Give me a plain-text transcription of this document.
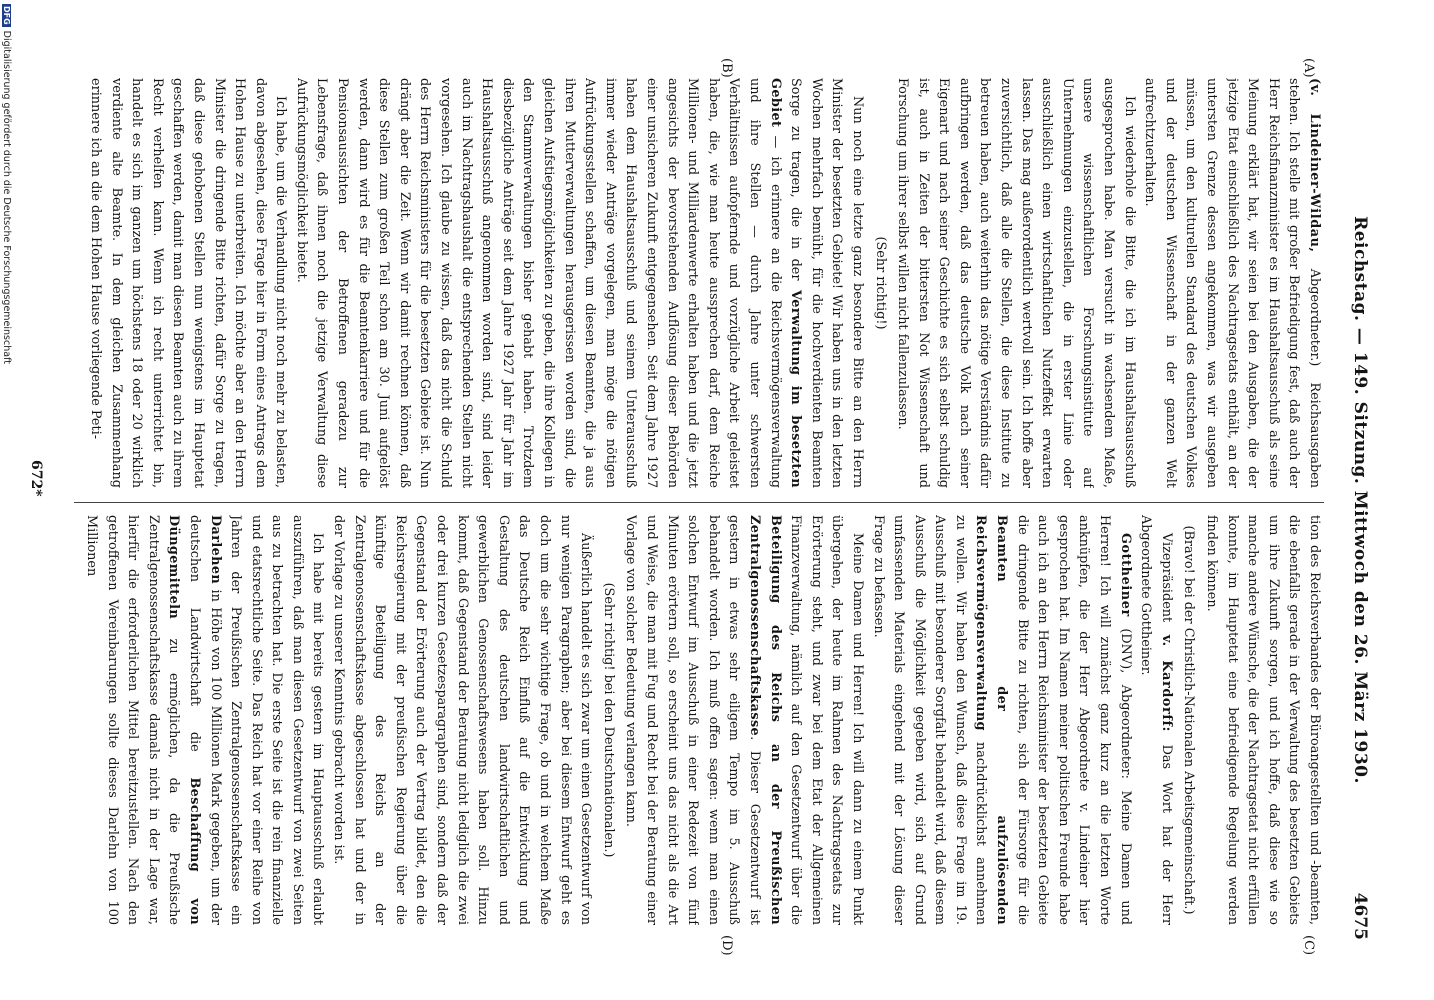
Reichstag. — 149. Sitzung. Mittwoch den 26. März 1930.
4675
(A)
(B)
(C)
(D)

(v. Lindeiner-Wildau, Abgeordneter.) Reichsausgaben stehen. Ich stelle mit großer Befriedigung fest, daß auch der Herr Reichsfinanzminister es im Haushaltsausschuß als seine Meinung erklärt hat, wir seien bei den Ausgaben, die der jetzige Etat einschließlich des Nachtragsetats enthält, an der untersten Grenze dessen angekommen, was wir ausgeben müssen, um den kulturellen Standard des deutschen Volkes und der deutschen Wissenschaft in der ganzen Welt aufrechtzuerhalten.

Ich wiederhole die Bitte, die ich im Haushaltsausschuß ausgesprochen habe. Man versucht in wachsendem Maße, unsere wissenschaftlichen Forschungsinstitute auf Unternehmungen einzustellen, die in erster Linie oder ausschließlich einen wirtschaftlichen Nutzeffekt erwarten lassen. Das mag außerordentlich wertvoll sein. Ich hoffe aber zuversichtlich, daß alle die Stellen, die diese Institute zu betreuen haben, auch weiterhin das nötige Verständnis dafür aufbringen werden, daß das deutsche Volk nach seiner Eigenart und nach seiner Geschichte es sich selbst schuldig ist, auch in Zeiten der bittersten Not Wissenschaft und Forschung um ihrer selbst willen nicht fallenzulassen.

(Sehr richtig!)

Nun noch eine letzte ganz besondere Bitte an den Herrn Minister der besetzten Gebiete! Wir haben uns in den letzten Wochen mehrfach bemüht, für die hochverdienten Beamten Sorge zu tragen, die in der Verwaltung im besetzten Gebiet — ich erinnere an die Reichsvermögensverwaltung und ihre Stellen — durch Jahre unter schwersten Verhältnissen aufopfernde und vorzügliche Arbeit geleistet haben, die, wie man heute aussprechen darf, dem Reiche Millionen- und Milliardenwerte erhalten haben und die jetzt angesichts der bevorstehenden Auflösung dieser Behörden einer unsicheren Zukunft entgegensehen. Seit dem Jahre 1927 haben dem Haushaltsausschuß und seinem Unterausschuß immer wieder Anträge vorgelegen, man möge die nötigen Aufrückungsstellen schaffen, um diesen Beamten, die ja aus ihren Mutterverwaltungen herausgerissen worden sind, die gleichen Aufstiegsmöglichkeiten zu geben, die ihre Kollegen in den Stammverwaltungen bisher gehabt haben. Trotzdem diesbezügliche Anträge seit dem Jahre 1927 Jahr für Jahr im Haushaltsausschuß angenommen worden sind, sind leider auch im Nachtragshaushalt die entsprechenden Stellen nicht vorgesehen. Ich glaube zu wissen, daß das nicht die Schuld des Herrn Reichsministers für die besetzten Gebiete ist. Nun drängt aber die Zeit. Wenn wir damit rechnen können, daß diese Stellen zum großen Teil schon am 30. Juni aufgelöst werden, dann wird es für die Beamtenkarriere und für die Pensionsaussichten der Betroffenen geradezu zur Lebensfrage, daß ihnen noch die jetzige Verwaltung diese Aufrückungsmöglichkeit bietet.

Ich habe, um die Verhandlung nicht noch mehr zu belasten, davon abgesehen, diese Frage hier in Form eines Antrags dem Hohen Hause zu unterbreiten. Ich möchte aber an den Herrn Minister die dringende Bitte richten, dafür Sorge zu tragen, daß diese gehobenen Stellen nun wenigstens im Hauptetat geschaffen werden, damit man diesen Beamten auch zu ihrem Recht verhelfen kann. Wenn ich recht unterrichtet bin, handelt es sich im ganzen um höchstens 18 oder 20 wirklich verdiente alte Beamte. In dem gleichen Zusammenhang erinnere ich an die dem Hohen Hause vorliegende Peti-

tion des Reichsverbandes der Büroangestellten und -beamten, die ebenfalls gerade in der Verwaltung des besetzten Gebiets um ihre Zukunft sorgen, und ich hoffe, daß diese wie so manche andere Wünsche, die der Nachtragsetat nicht erfüllen konnte, im Hauptetat eine befriedigende Regelung werden finden können.

(Bravo! bei der Christlich-Nationalen Arbeitsgemeinschaft.)

Vizepräsident v. Kardorff: Das Wort hat der Herr Abgeordnete Gottheiner.

Gottheiner (DNV), Abgeordneter: Meine Damen und Herren! Ich will zunächst ganz kurz an die letzten Worte anknüpfen, die der Herr Abgeordnete v. Lindeiner hier gesprochen hat. Im Namen meiner politischen Freunde habe auch ich an den Herrn Reichsminister der besetzten Gebiete die dringende Bitte zu richten, sich der Fürsorge für die Beamten der aufzulösenden Reichsvermögensverwaltung nachdrücklichst annehmen zu wollen. Wir haben den Wunsch, daß diese Frage im 19. Ausschuß mit besonderer Sorgfalt behandelt wird, daß diesem Ausschuß die Möglichkeit gegeben wird, sich auf Grund umfassenden Materials eingehend mit der Lösung dieser Frage zu befassen.

Meine Damen und Herren! Ich will dann zu einem Punkt übergehen, der heute im Rahmen des Nachtragsetats zur Erörterung steht, und zwar bei dem Etat der Allgemeinen Finanzverwaltung, nämlich auf den Gesetzentwurf über die Beteiligung des Reichs an der Preußischen Zentralgenossenschaftskasse. Dieser Gesetzentwurf ist gestern in etwas sehr eiligem Tempo im 5. Ausschuß behandelt worden. Ich muß offen sagen: wenn man einen solchen Entwurf im Ausschuß in einer Redezeit von fünf Minuten erörtern soll, so erscheint uns das nicht als die Art und Weise, die man mit Fug und Recht bei der Beratung einer Vorlage von solcher Bedeutung verlangen kann.

(Sehr richtig! bei den Deutschnationalen.)

Äußerlich handelt es sich zwar um einen Gesetzentwurf von nur wenigen Paragraphen; aber bei diesem Entwurf geht es doch um die sehr wichtige Frage, ob und in welchem Maße das Deutsche Reich Einfluß auf die Entwicklung und Gestaltung des deutschen landwirtschaftlichen und gewerblichen Genossenschaftswesens haben soll. Hinzu kommt, daß Gegenstand der Beratung nicht lediglich die zwei oder drei kurzen Gesetzesparagraphen sind, sondern daß der Gegenstand der Erörterung auch der Vertrag bildet, den die Reichsregierung mit der preußischen Regierung über die künftige Beteiligung des Reichs an der Zentralgenossenschaftskasse abgeschlossen hat und der in der Vorlage zu unserer Kenntnis gebracht worden ist.

Ich habe mit bereits gestern im Hauptausschuß erlaubt auszuführen, daß man diesen Gesetzentwurf von zwei Seiten aus zu betrachten hat. Die erste Seite ist die rein finanzielle und etatsrechtliche Seite. Das Reich hat vor einer Reihe von Jahren der Preußischen Zentralgenossenschaftskasse ein Darlehen in Höhe von 100 Millionen Mark gegeben, um der deutschen Landwirtschaft die Beschaffung von Düngemitteln zu ermöglichen, da die Preußische Zentralgenossenschaftskasse damals nicht in der Lage war, hierfür die erforderlichen Mittel bereitzustellen. Nach den getroffenen Vereinbarungen sollte dieses Darlehn von 100 Millionen

672*
DFGDigitalisierung gefördert durch die Deutsche Forschungsgemeinschaft
